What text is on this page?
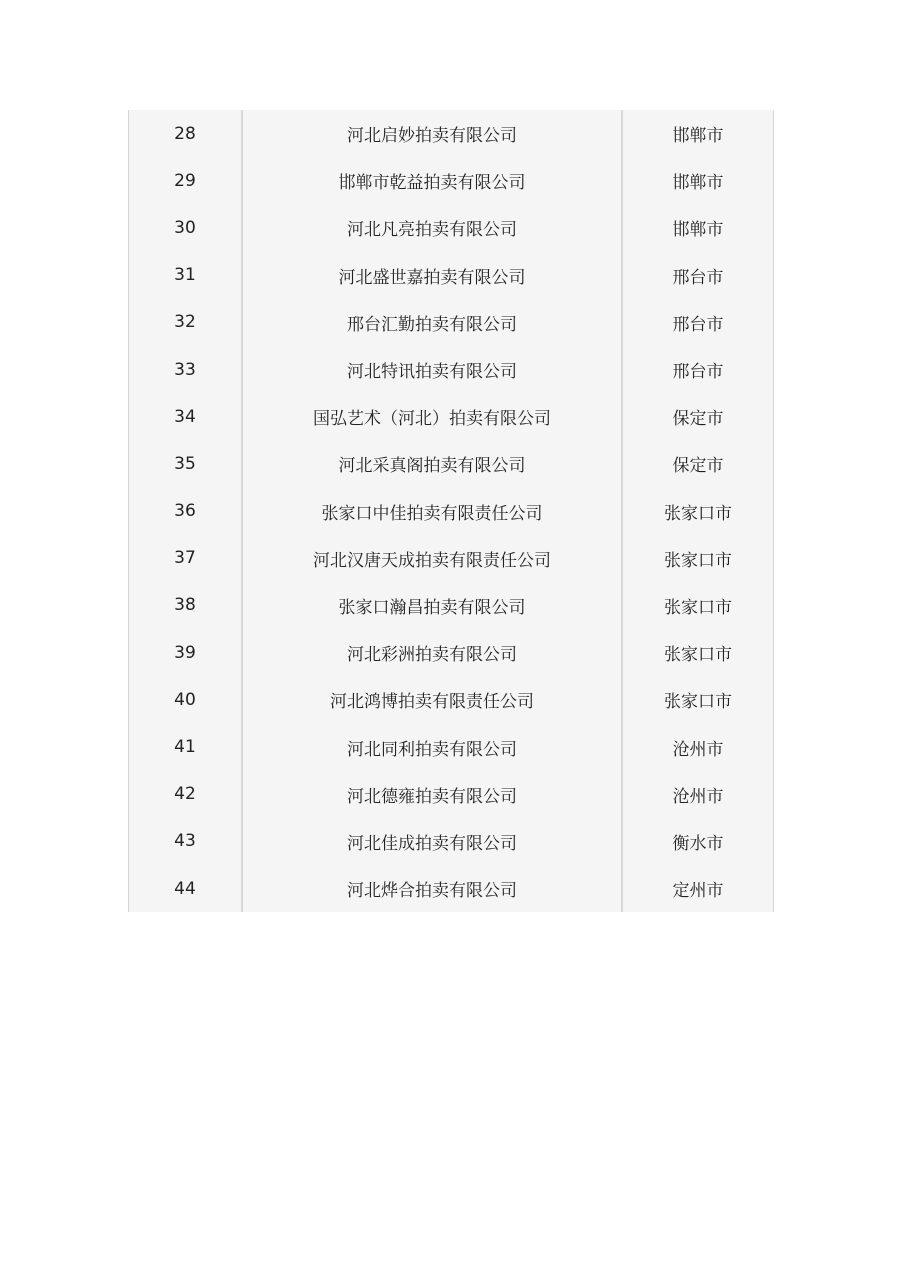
28	河北启妙拍卖有限公司	邯郸市
29	邯郸市乾益拍卖有限公司	邯郸市
30	河北凡亮拍卖有限公司	邯郸市
31	河北盛世嘉拍卖有限公司	邢台市
32	邢台汇勤拍卖有限公司	邢台市
33	河北特讯拍卖有限公司	邢台市
34	国弘艺术（河北）拍卖有限公司	保定市
35	河北采真阁拍卖有限公司	保定市
36	张家口中佳拍卖有限责任公司	张家口市
37	河北汉唐天成拍卖有限责任公司	张家口市
38	张家口瀚昌拍卖有限公司	张家口市
39	河北彩洲拍卖有限公司	张家口市
40	河北鸿博拍卖有限责任公司	张家口市
41	河北同利拍卖有限公司	沧州市
42	河北德雍拍卖有限公司	沧州市
43	河北佳成拍卖有限公司	衡水市
44	河北烨合拍卖有限公司	定州市
